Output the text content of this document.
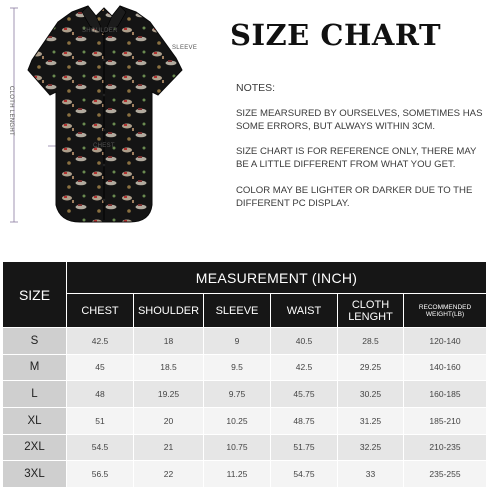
SHOULDER
SLEEVE
CHEST
CLOTH LENGHT
SIZE CHART
NOTES:

SIZE MEARSURED BY OURSELVES, SOMETIMES HAS SOME ERRORS, BUT ALWAYS WITHIN 3CM.

SIZE CHART IS FOR REFERENCE ONLY, THERE MAY BE A LITTLE DIFFERENT FROM WHAT YOU GET.

COLOR MAY BE LIGHTER OR DARKER DUE TO THE DIFFERENT PC DISPLAY.

SIZE	MEASUREMENT (INCH)					
	CHEST	SHOULDER	SLEEVE	WAIST	CLOTH LENGHT	RECOMMENDED WEIGHT(LB)
S	42.5	18	9	40.5	28.5	120-140
M	45	18.5	9.5	42.5	29.25	140-160
L	48	19.25	9.75	45.75	30.25	160-185
XL	51	20	10.25	48.75	31.25	185-210
2XL	54.5	21	10.75	51.75	32.25	210-235
3XL	56.5	22	11.25	54.75	33	235-255
